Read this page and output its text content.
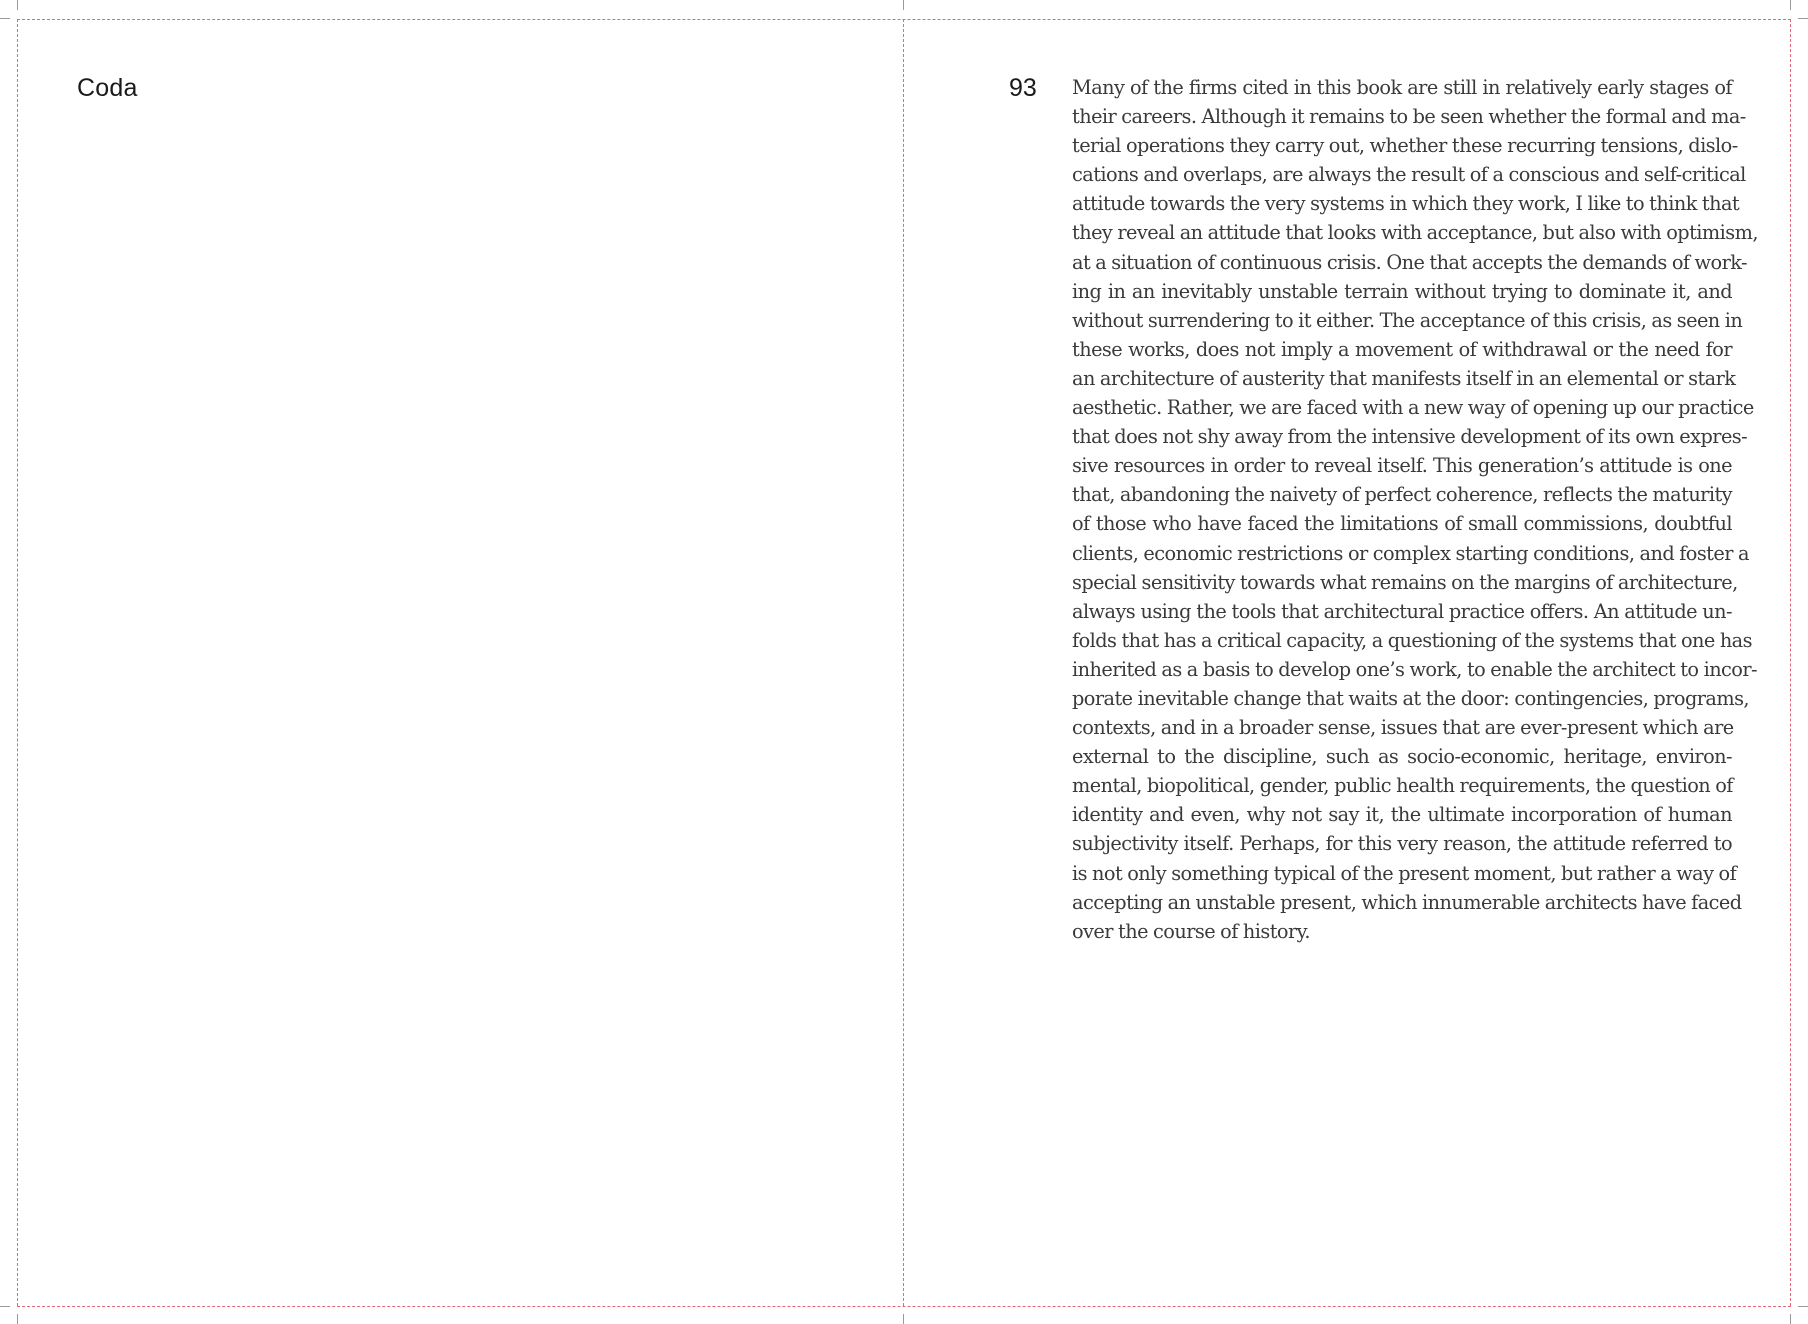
Coda	93 Many of the firms cited in this book are still in relatively early stages of
their careers. Although it remains to be seen whether the formal and ma-
terial operations they carry out, whether these recurring tensions, dislo-
cations and overlaps, are always the result of a conscious and self-critical
attitude towards the very systems in which they work, I like to think that
they reveal an attitude that looks with acceptance, but also with optimism,
at a situation of continuous crisis. One that accepts the demands of work-
ing in an inevitably unstable terrain without trying to dominate it, and
without surrendering to it either. The acceptance of this crisis, as seen in
these works, does not imply a movement of withdrawal or the need for
an architecture of austerity that manifests itself in an elemental or stark
aesthetic. Rather, we are faced with a new way of opening up our practice
that does not shy away from the intensive development of its own expres-
sive resources in order to reveal itself. This generation’s attitude is one
that, abandoning the naivety of perfect coherence, reflects the maturity
of those who have faced the limitations of small commissions, doubtful
clients, economic restrictions or complex starting conditions, and foster a
special sensitivity towards what remains on the margins of architecture,
always using the tools that architectural practice offers. An attitude un-
folds that has a critical capacity, a questioning of the systems that one has
inherited as a basis to develop one’s work, to enable the architect to incor-
porate inevitable change that waits at the door: contingencies, programs,
contexts, and in a broader sense, issues that are ever-present which are
external to the discipline, such as socio-economic, heritage, environ-
mental, biopolitical, gender, public health requirements, the question of
identity and even, why not say it, the ultimate incorporation of human
subjectivity itself. Perhaps, for this very reason, the attitude referred to
is not only something typical of the present moment, but rather a way of
accepting an unstable present, which innumerable architects have faced
over the course of history.
